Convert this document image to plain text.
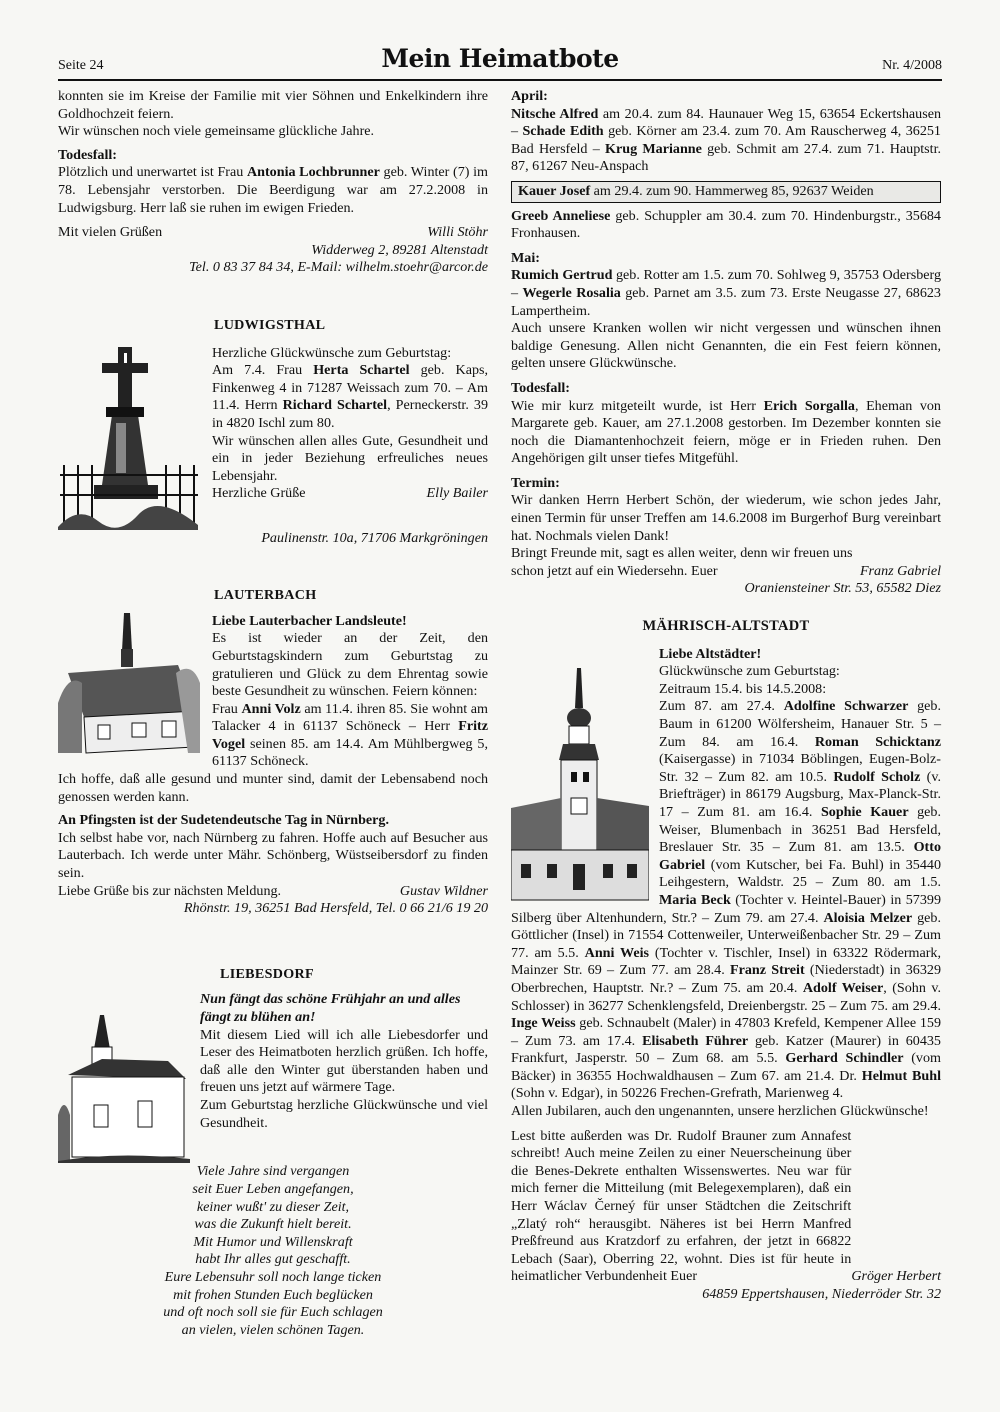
Seite 24	Mein Heimatbote	Nr. 4/2008

konnten sie im Kreise der Familie mit vier Söhnen und Enkelkindern ihre Goldhochzeit feiern.

Wir wünschen noch viele gemeinsame glückliche Jahre.

Todesfall:

Plötzlich und unerwartet ist Frau Antonia Lochbrunner geb. Winter (7) im 78. Lebensjahr verstorben. Die Beerdigung war am 27.2.2008 in Ludwigsburg. Herr laß sie ruhen im ewigen Frieden.

Mit vielen Grüßen	Willi Stöhr

Widderweg 2, 89281 Altenstadt

Tel. 0 83 37 84 34, E-Mail: wilhelm.stoehr@arcor.de

LUDWIGSTHAL

Herzliche Glückwünsche zum Geburtstag:

Am 7.4. Frau Herta Schartel geb. Kaps, Finkenweg 4 in 71287 Weissach zum 70. – Am 11.4. Herrn Richard Schartel, Perneckerstr. 39 in 4820 Ischl zum 80.

Wir wünschen allen alles Gute, Gesundheit und ein in jeder Beziehung erfreuliches neues Lebensjahr.

Herzliche Grüße	Elly Bailer

Paulinenstr. 10a, 71706 Markgröningen

LAUTERBACH

Liebe Lauterbacher Landsleute!

Es ist wieder an der Zeit, den Geburtstagskindern zum Geburtstag zu gratulieren und Glück zu dem Ehrentag sowie beste Gesundheit zu wünschen. Feiern können:

Frau Anni Volz am 11.4. ihren 85. Sie wohnt am Talacker 4 in 61137 Schöneck – Herr Fritz Vogel seinen 85. am 14.4. Am Mühlbergweg 5, 61137 Schöneck.

Ich hoffe, daß alle gesund und munter sind, damit der Lebensabend noch genossen werden kann.

An Pfingsten ist der Sudetendeutsche Tag in Nürnberg.

Ich selbst habe vor, nach Nürnberg zu fahren. Hoffe auch auf Besucher aus Lauterbach. Ich werde unter Mähr. Schönberg, Wüstseibersdorf zu finden sein.

Liebe Grüße bis zur nächsten Meldung.	Gustav Wildner

Rhönstr. 19, 36251 Bad Hersfeld, Tel. 0 66 21/6 19 20

LIEBESDORF

Nun fängt das schöne Frühjahr an und alles fängt zu blühen an!

Mit diesem Lied will ich alle Liebesdorfer und Leser des Heimatboten herzlich grüßen. Ich hoffe, daß alle den Winter gut überstanden haben und freuen uns jetzt auf wärmere Tage.

Zum Geburtstag herzliche Glückwünsche und viel Gesundheit.

Viele Jahre sind vergangen

seit Euer Leben angefangen,

keiner wußt' zu dieser Zeit,

was die Zukunft hielt bereit.

Mit Humor und Willenskraft

habt Ihr alles gut geschafft.

Eure Lebensuhr soll noch lange ticken

mit frohen Stunden Euch beglücken

und oft noch soll sie für Euch schlagen

an vielen, vielen schönen Tagen.

April:

Nitsche Alfred am 20.4. zum 84. Haunauer Weg 15, 63654 Eckertshausen – Schade Edith geb. Körner am 23.4. zum 70. Am Rauscherweg 4, 36251 Bad Hersfeld – Krug Marianne geb. Schmit am 27.4. zum 71. Hauptstr. 87, 61267 Neu-Anspach

Kauer Josef am 29.4. zum 90. Hammerweg 85, 92637 Weiden

Greeb Anneliese geb. Schuppler am 30.4. zum 70. Hindenburgstr., 35684 Fronhausen.

Mai:

Rumich Gertrud geb. Rotter am 1.5. zum 70. Sohlweg 9, 35753 Odersberg – Wegerle Rosalia geb. Parnet am 3.5. zum 73. Erste Neugasse 27, 68623 Lampertheim.

Auch unsere Kranken wollen wir nicht vergessen und wünschen ihnen baldige Genesung. Allen nicht Genannten, die ein Fest feiern können, gelten unsere Glückwünsche.

Todesfall:

Wie mir kurz mitgeteilt wurde, ist Herr Erich Sorgalla, Eheman von Margarete geb. Kauer, am 27.1.2008 gestorben. Im Dezember konnten sie noch die Diamantenhochzeit feiern, möge er in Frieden ruhen. Den Angehörigen gilt unser tiefes Mitgefühl.

Termin:

Wir danken Herrn Herbert Schön, der wiederum, wie schon jedes Jahr, einen Termin für unser Treffen am 14.6.2008 im Burgerhof Burg vereinbart hat. Nochmals vielen Dank!

Bringt Freunde mit, sagt es allen weiter, denn wir freuen uns schon jetzt auf ein Wiedersehn. Euer	Franz Gabriel

Oraniensteiner Str. 53, 65582 Diez

MÄHRISCH-ALTSTADT

Liebe Altstädter!

Glückwünsche zum Geburtstag:

Zeitraum 15.4. bis 14.5.2008:

Zum 87. am 27.4. Adolfine Schwarzer geb. Baum in 61200 Wölfersheim, Hanauer Str. 5 – Zum 84. am 16.4. Roman Schicktanz (Kaisergasse) in 71034 Böblingen, Eugen-Bolz-Str. 32 – Zum 82. am 10.5. Rudolf Scholz (v. Briefträger) in 86179 Augsburg, Max-Planck-Str. 17 – Zum 81. am 16.4. Sophie Kauer geb. Weiser, Blumenbach in 36251 Bad Hersfeld, Breslauer Str. 35 – Zum 81. am 13.5. Otto Gabriel (vom Kutscher, bei Fa. Buhl) in 35440 Leihgestern, Waldstr. 25 – Zum 80. am 1.5. Maria Beck (Tochter v. Heintel-Bauer) in 57399 Silberg über Altenhundern, Str.? – Zum 79. am 27.4. Aloisia Melzer geb. Göttlicher (Insel) in 71554 Cottenweiler, Unterweißenbacher Str. 29 – Zum 77. am 5.5. Anni Weis (Tochter v. Tischler, Insel) in 63322 Rödermark, Mainzer Str. 69 – Zum 77. am 28.4. Franz Streit (Niederstadt) in 36329 Oberbrechen, Hauptstr. Nr.? – Zum 75. am 20.4. Adolf Weiser, (Sohn v. Schlosser) in 36277 Schenklengsfeld, Dreienbergstr. 25 – Zum 75. am 29.4. Inge Weiss geb. Schnaubelt (Maler) in 47803 Krefeld, Kempener Allee 159 – Zum 73. am 17.4. Elisabeth Führer geb. Katzer (Maurer) in 60435 Frankfurt, Jasperstr. 50 – Zum 68. am 5.5. Gerhard Schindler (vom Bäcker) in 36355 Hochwaldhausen – Zum 67. am 21.4. Dr. Helmut Buhl (Sohn v. Edgar), in 50226 Frechen-Grefrath, Marienweg 4.

Allen Jubilaren, auch den ungenannten, unsere herzlichen Glückwünsche!

Lest bitte außerden was Dr. Rudolf Brauner zum Annafest schreibt! Auch meine Zeilen zu einer Neuerscheinung über die Benes-Dekrete enthalten Wissenswertes. Neu war für mich ferner die Mitteilung (mit Belegexemplaren), daß ein Herr Wáclav Černeý für unser Städtchen die Zeitschrift „Zlatý roh“ herausgibt. Näheres ist bei Herrn Manfred Preßfreund aus Kratzdorf zu erfahren, der jetzt in 66822 Lebach (Saar), Oberring 22, wohnt. Dies ist für heute in heimatlicher Verbundenheit Euer	Gröger Herbert

64859 Eppertshausen, Niederröder Str. 32
